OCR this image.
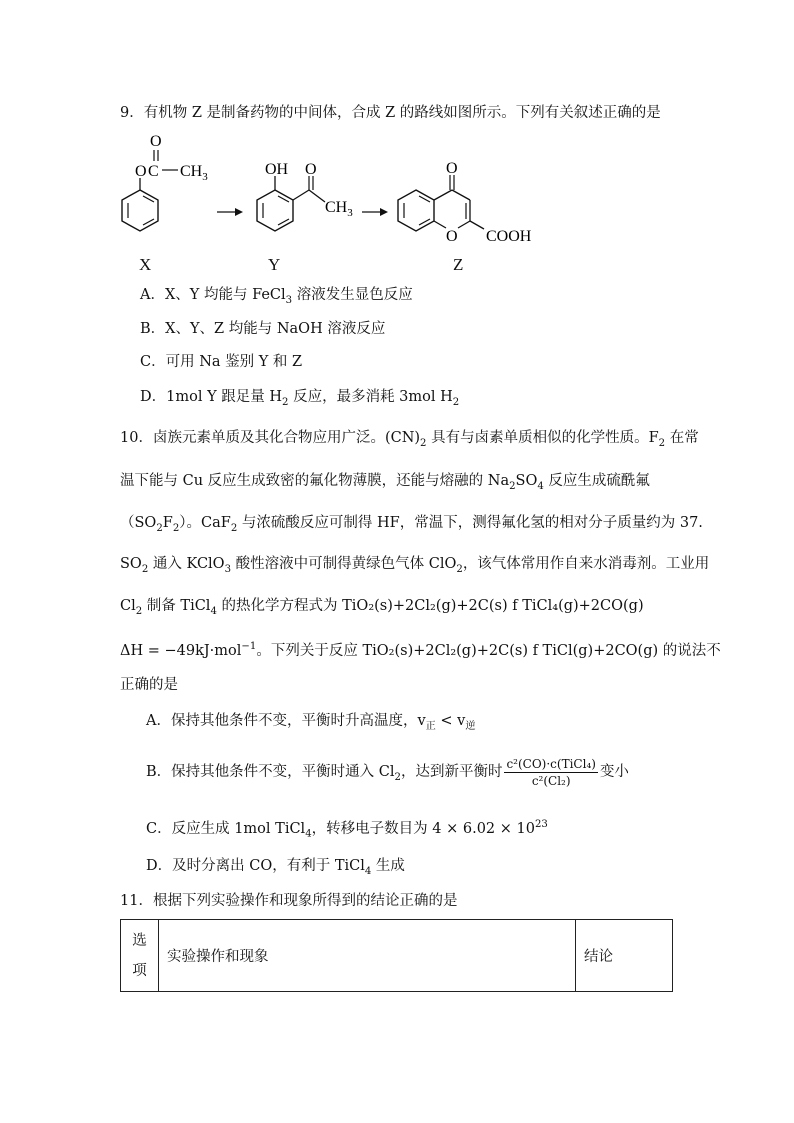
9．有机物 Z 是制备药物的中间体，合成 Z 的路线如图所示。下列有关叙述正确的是
O C
O
$CH_3$	OH O
$CH_3$ →
O
O
COOH
X	Y	Z
A．X、Y 均能与 FeCl$_3$ 溶液发生显色反应
B．X、Y、Z 均能与 NaOH 溶液反应
C．可用 Na 鉴别 Y 和 Z
D．1mol Y 跟足量 $H_2$ 反应，最多消耗 3mol $H_2$
10．卤族元素单质及其化合物应用广泛。$(CN)_2$ 具有与卤素单质相似的化学性质。$F_2$ 在常
温下能与 Cu 反应生成致密的氟化物薄膜，还能与熔融的 $Na_2SO_4$ 反应生成硫酰氟
$(SO_2F_2)$。CaF$_2$ 与浓硫酸反应可制得 HF，常温下，测得氟化氢的相对分子质量约为 37.
$SO_2$ 通入 KClO$_3$ 酸性溶液中可制得黄绿色气体 ClO$_2$，该气体常用作自来水消毒剂。工业用
$Cl_2$ 制备 TiCl$_4$ 的热化学方程式为 TiO₂(s)+2Cl₂(g)+2C(s) f TiCl₄(g)+2CO(g)
ΔH = −49kJ·mol$^{-1}$。下列关于反应 TiO₂(s)+2Cl₂(g)+2C(s) f TiCl(g)+2CO(g) 的说法不
正确的是
A．保持其他条件不变，平衡时升高温度，$v_正 < v_逆$
B．保持其他条件不变，平衡时通入 $Cl_2$，达到新平衡时 $\frac{\text{c²(CO)·c(TiCl₄)}}{\text{c²(Cl₂)}}$ 变小
C．反应生成 1mol TiCl$_4$，转移电子数目为 $4 \times 6.02 \times 10^{23}$
D．及时分离出 CO，有利于 TiCl$_4$ 生成
11．根据下列实验操作和现象所得到的结论正确的是
选
项	实验操作和现象	结论
